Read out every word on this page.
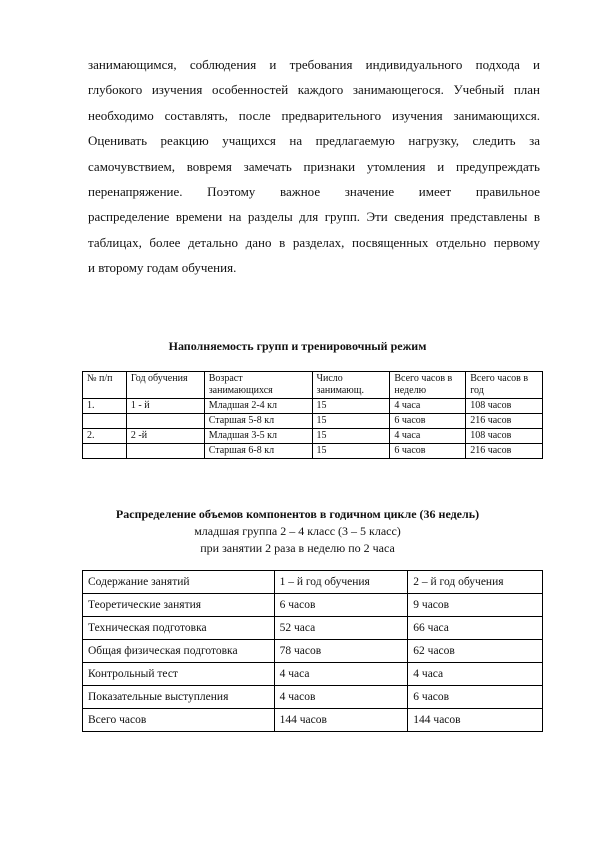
занимающимся, соблюдения и требования индивидуального подхода и
глубокого изучения особенностей каждого занимающегося. Учебный план
необходимо составлять, после предварительного изучения занимающихся.
Оценивать реакцию учащихся на предлагаемую нагрузку, следить за
самочувствием, вовремя замечать признаки утомления и предупреждать
перенапряжение. Поэтому важное значение имеет правильное
распределение времени на разделы для групп. Эти сведения представлены в
таблицах, более детально дано в разделах, посвященных отдельно первому
и второму годам обучения.

Наполняемость групп и тренировочный режим

№ п/п	Год обучения	Возраст занимающихся	Число занимающ.	Всего часов в неделю	Всего часов в год
1.	1 - й	Младшая 2-4 кл	15	4 часа	108 часов
		Старшая 5-8 кл	15	6 часов	216 часов
2.	2 -й	Младшая 3-5 кл	15	4 часа	108 часов
		Старшая 6-8 кл	15	6 часов	216 часов
Распределение объемов компонентов в годичном цикле (36 недель)
младшая группа 2 – 4 класс (3 – 5 класс)
при занятии 2 раза в неделю по 2 часа
Содержание занятий	1 – й год обучения	2 – й год обучения
Теоретические занятия	6 часов	9 часов
Техническая подготовка	52 часа	66 часа
Общая физическая подготовка	78 часов	62 часов
Контрольный тест	4 часа	4 часа
Показательные выступления	4 часов	6 часов
Всего часов	144 часов	144 часов
